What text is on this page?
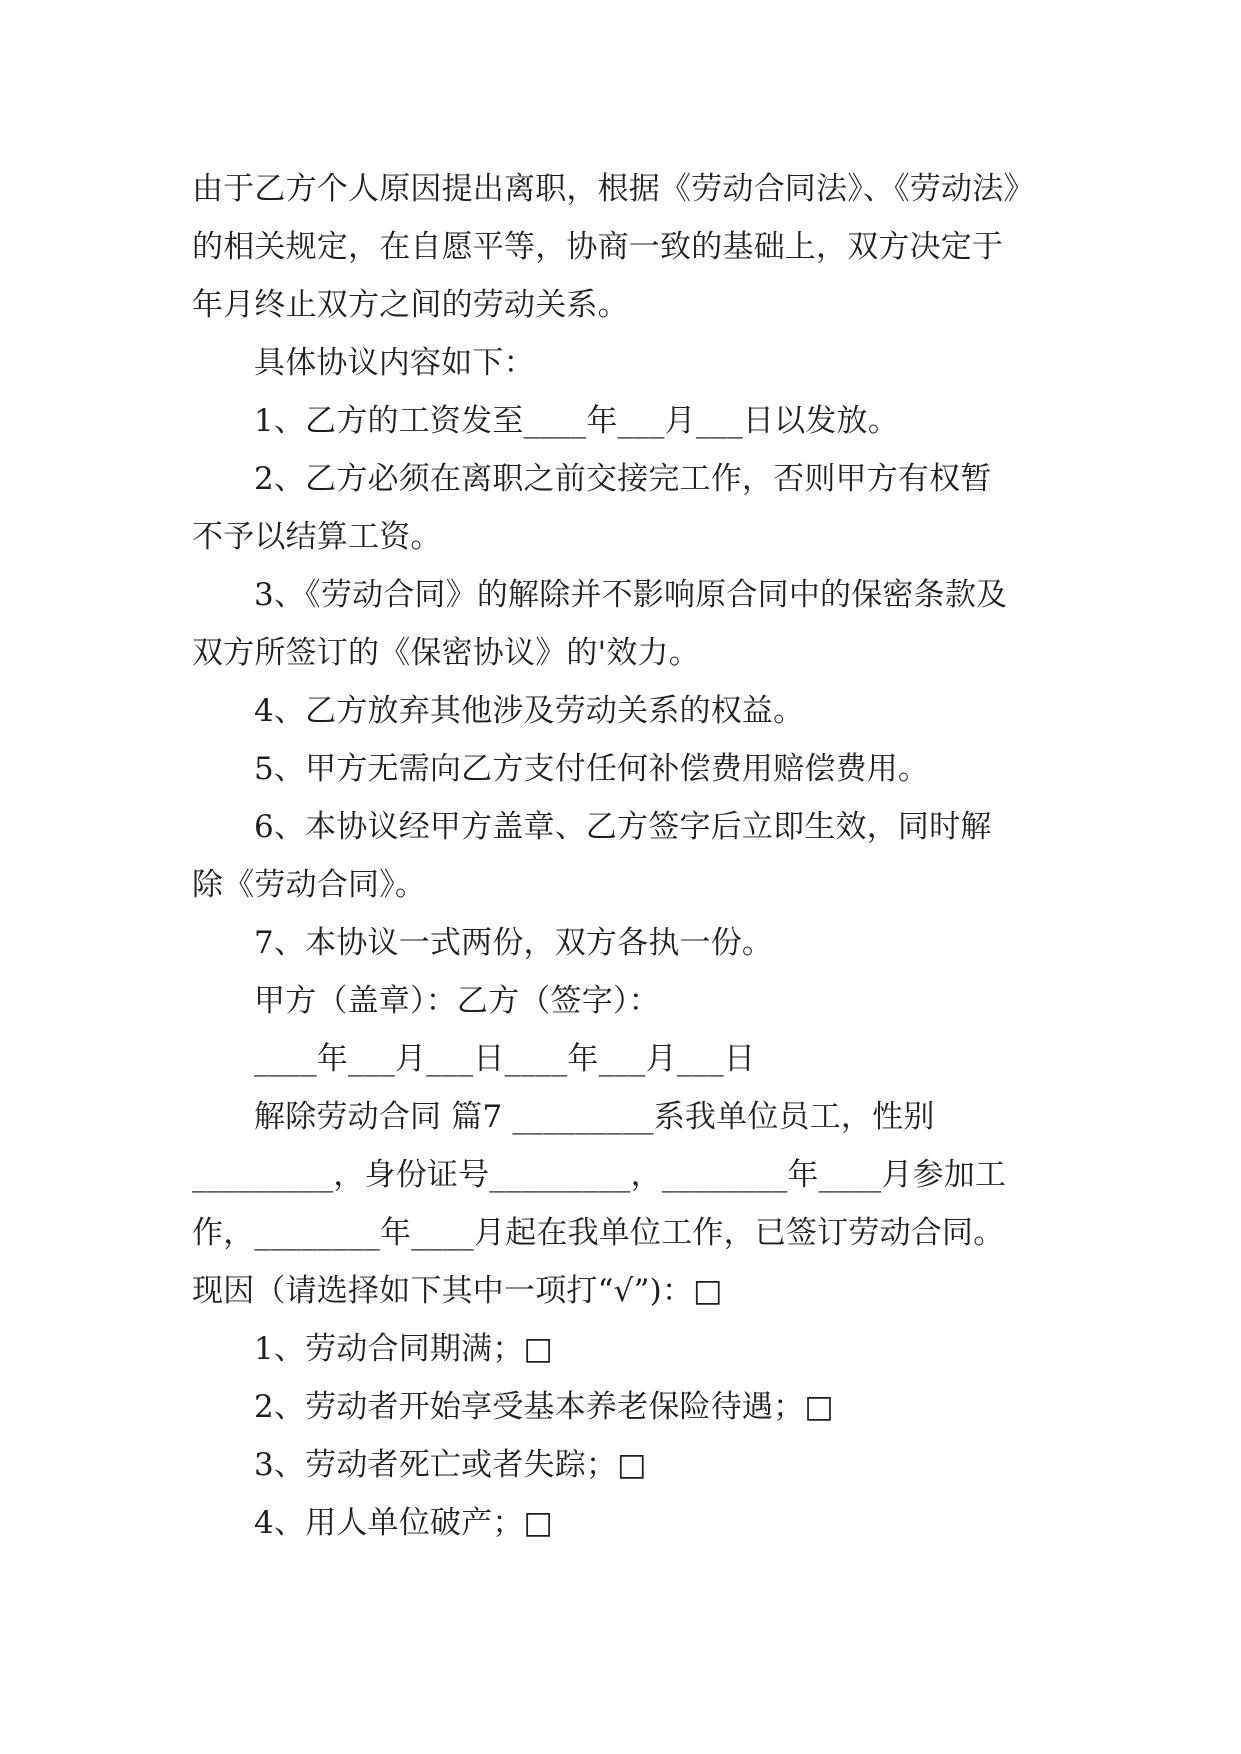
由于乙方个人原因提出离职，根据《劳动合同法》、《劳动法》
的相关规定，在自愿平等，协商一致的基础上，双方决定于
年月终止双方之间的劳动关系。
具体协议内容如下：
1、乙方的工资发至____年___月___日以发放。
2、乙方必须在离职之前交接完工作，否则甲方有权暂
不予以结算工资。
3、《劳动合同》的解除并不影响原合同中的保密条款及
双方所签订的《保密协议》的'效力。
4、乙方放弃其他涉及劳动关系的权益。
5、甲方无需向乙方支付任何补偿费用赔偿费用。
6、本协议经甲方盖章、乙方签字后立即生效，同时解
除《劳动合同》。
7、本协议一式两份，双方各执一份。
甲方（盖章）：乙方（签字）：
____年___月___日____年___月___日
解除劳动合同 篇7 _________系我单位员工，性别
_________，身份证号_________，________年____月参加工
作，________年____月起在我单位工作，已签订劳动合同。
现因（请选择如下其中一项打“√”)：□
1、劳动合同期满；□
2、劳动者开始享受基本养老保险待遇；□
3、劳动者死亡或者失踪；□
4、用人单位破产；□
